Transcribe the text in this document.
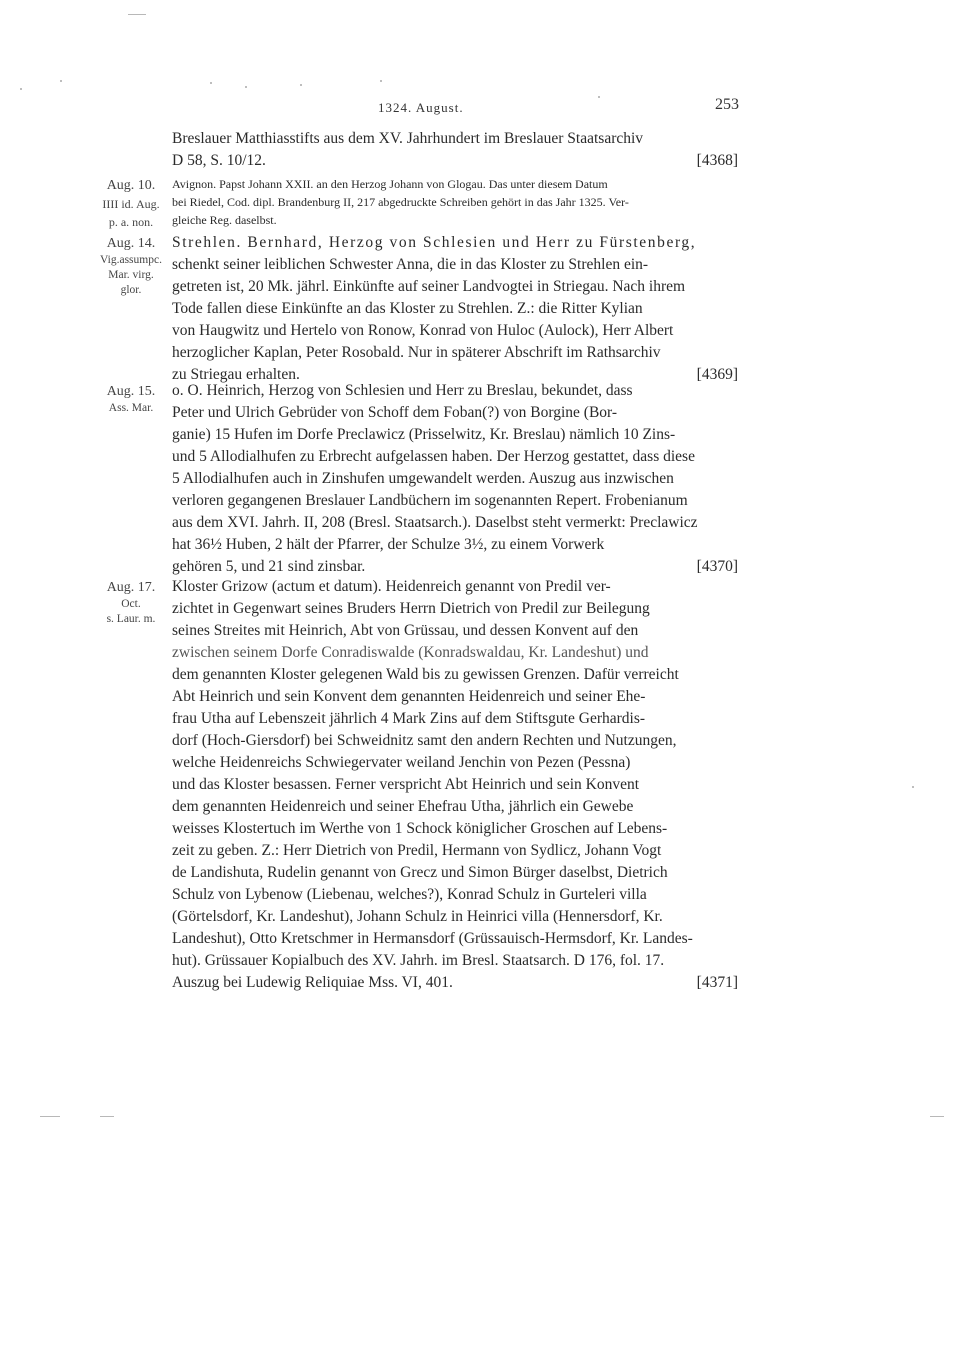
1324. August.	253
Breslauer Matthiasstifts aus dem XV. Jahrhundert im Breslauer Staatsarchiv
D 58, S. 10/12.	[4368]
Aug. 10.
IIII id. Aug.
p. a. non.
Avignon. Papst Johann XXII. an den Herzog Johann von Glogau. Das unter diesem Datum
bei Riedel, Cod. dipl. Brandenburg II, 217 abgedruckte Schreiben gehört in das Jahr 1325. Ver-
gleiche Reg. daselbst.
Aug. 14.
Vig.assumpc.
Mar. virg.
glor.
Strehlen. Bernhard, Herzog von Schlesien und Herr zu Fürstenberg,
schenkt seiner leiblichen Schwester Anna, die in das Kloster zu Strehlen ein-
getreten ist, 20 Mk. jährl. Einkünfte auf seiner Landvogtei in Striegau. Nach ihrem
Tode fallen diese Einkünfte an das Kloster zu Strehlen. Z.: die Ritter Kylian
von Haugwitz und Hertelo von Ronow, Konrad von Huloc (Aulock), Herr Albert
herzoglicher Kaplan, Peter Rosobald. Nur in späterer Abschrift im Rathsarchiv
zu Striegau erhalten.	[4369]
Aug. 15.
Ass. Mar.
o. O. Heinrich, Herzog von Schlesien und Herr zu Breslau, bekundet, dass
Peter und Ulrich Gebrüder von Schoff dem Foban(?) von Borgine (Bor-
ganie) 15 Hufen im Dorfe Preclawicz (Prisselwitz, Kr. Breslau) nämlich 10 Zins-
und 5 Allodialhufen zu Erbrecht aufgelassen haben. Der Herzog gestattet, dass diese
5 Allodialhufen auch in Zinshufen umgewandelt werden. Auszug aus inzwischen
verloren gegangenen Breslauer Landbüchern im sogenannten Repert. Frobenianum
aus dem XVI. Jahrh. II, 208 (Bresl. Staatsarch.). Daselbst steht vermerkt: Preclawicz
hat 36½ Huben, 2 hält der Pfarrer, der Schulze 3½, zu einem Vorwerk
gehören 5, und 21 sind zinsbar.	[4370]
Aug. 17.
Oct.
s. Laur. m.
Kloster Grizow (actum et datum). Heidenreich genannt von Predil ver-
zichtet in Gegenwart seines Bruders Herrn Dietrich von Predil zur Beilegung
seines Streites mit Heinrich, Abt von Grüssau, und dessen Konvent auf den
zwischen seinem Dorfe Conradiswalde (Konradswaldau, Kr. Landeshut) und
dem genannten Kloster gelegenen Wald bis zu gewissen Grenzen. Dafür verreicht
Abt Heinrich und sein Konvent dem genannten Heidenreich und seiner Ehe-
frau Utha auf Lebenszeit jährlich 4 Mark Zins auf dem Stiftsgute Gerhardis-
dorf (Hoch-Giersdorf) bei Schweidnitz samt den andern Rechten und Nutzungen,
welche Heidenreichs Schwiegervater weiland Jenchin von Pezen (Pessna)
und das Kloster besassen. Ferner verspricht Abt Heinrich und sein Konvent
dem genannten Heidenreich und seiner Ehefrau Utha, jährlich ein Gewebe
weisses Klostertuch im Werthe von 1 Schock königlicher Groschen auf Lebens-
zeit zu geben. Z.: Herr Dietrich von Predil, Hermann von Sydlicz, Johann Vogt
de Landishuta, Rudelin genannt von Grecz und Simon Bürger daselbst, Dietrich
Schulz von Lybenow (Liebenau, welches?), Konrad Schulz in Gurteleri villa
(Görtelsdorf, Kr. Landeshut), Johann Schulz in Heinrici villa (Hennersdorf, Kr.
Landeshut), Otto Kretschmer in Hermansdorf (Grüssauisch-Hermsdorf, Kr. Landes-
hut). Grüssauer Kopialbuch des XV. Jahrh. im Bresl. Staatsarch. D 176, fol. 17.
Auszug bei Ludewig Reliquiae Mss. VI, 401.	[4371]
